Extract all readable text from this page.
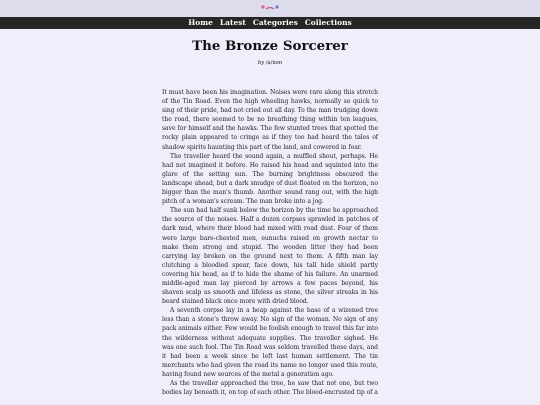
Home Latest Categories Collections
The Bronze Sorcerer
by /a/non

It must have been his imagination. Noises were rare along this stretch of the Tin Road. Even the high wheeling hawks, normally so quick to sing of their pride, had not cried out all day. To the man trudging down the road, there seemed to be no breathing thing within ten leagues, save for himself and the hawks. The few stunted trees that spotted the rocky plain appeared to cringe as if they too had heard the tales of shadow spirits haunting this part of the land, and cowered in fear.

The traveller heard the sound again, a muffled shout, perhaps. He had not imagined it before. He raised his head and squinted into the glare of the setting sun. The burning brightness obscured the landscape ahead, but a dark smudge of dust floated on the horizon, no bigger than the man's thumb. Another sound rang out, with the high pitch of a woman's scream. The man broke into a jog.

The sun had half sunk below the horizon by the time he approached the source of the noises. Half a dozen corpses sprawled in patches of dark mud, where their blood had mixed with road dust. Four of them were large bare-chested men, eunuchs raised on growth nectar to make them strong and stupid. The wooden litter they had been carrying lay broken on the ground next to them. A fifth man lay clutching a bloodied spear, face down, his tall hide shield partly covering his head, as if to hide the shame of his failure. An unarmed middle-aged man lay pierced by arrows a few paces beyond, his shaven scalp as smooth and lifeless as stone, the silver streaks in his beard stained black once more with dried blood.

A seventh corpse lay in a heap against the base of a wizened tree less than a stone's throw away. No sign of the woman. No sign of any pack animals either. Few would be foolish enough to travel this far into the wilderness without adequate supplies. The traveller sighed. He was one such fool. The Tin Road was seldom travelled these days, and it had been a week since he left last human settlement. The tin merchants who had given the road its name no longer used this route, having found new sources of the metal a generation ago.

As the traveller approached the tree, he saw that not one, but two bodies lay beneath it, on top of each other. The blood-encrusted tip of a
